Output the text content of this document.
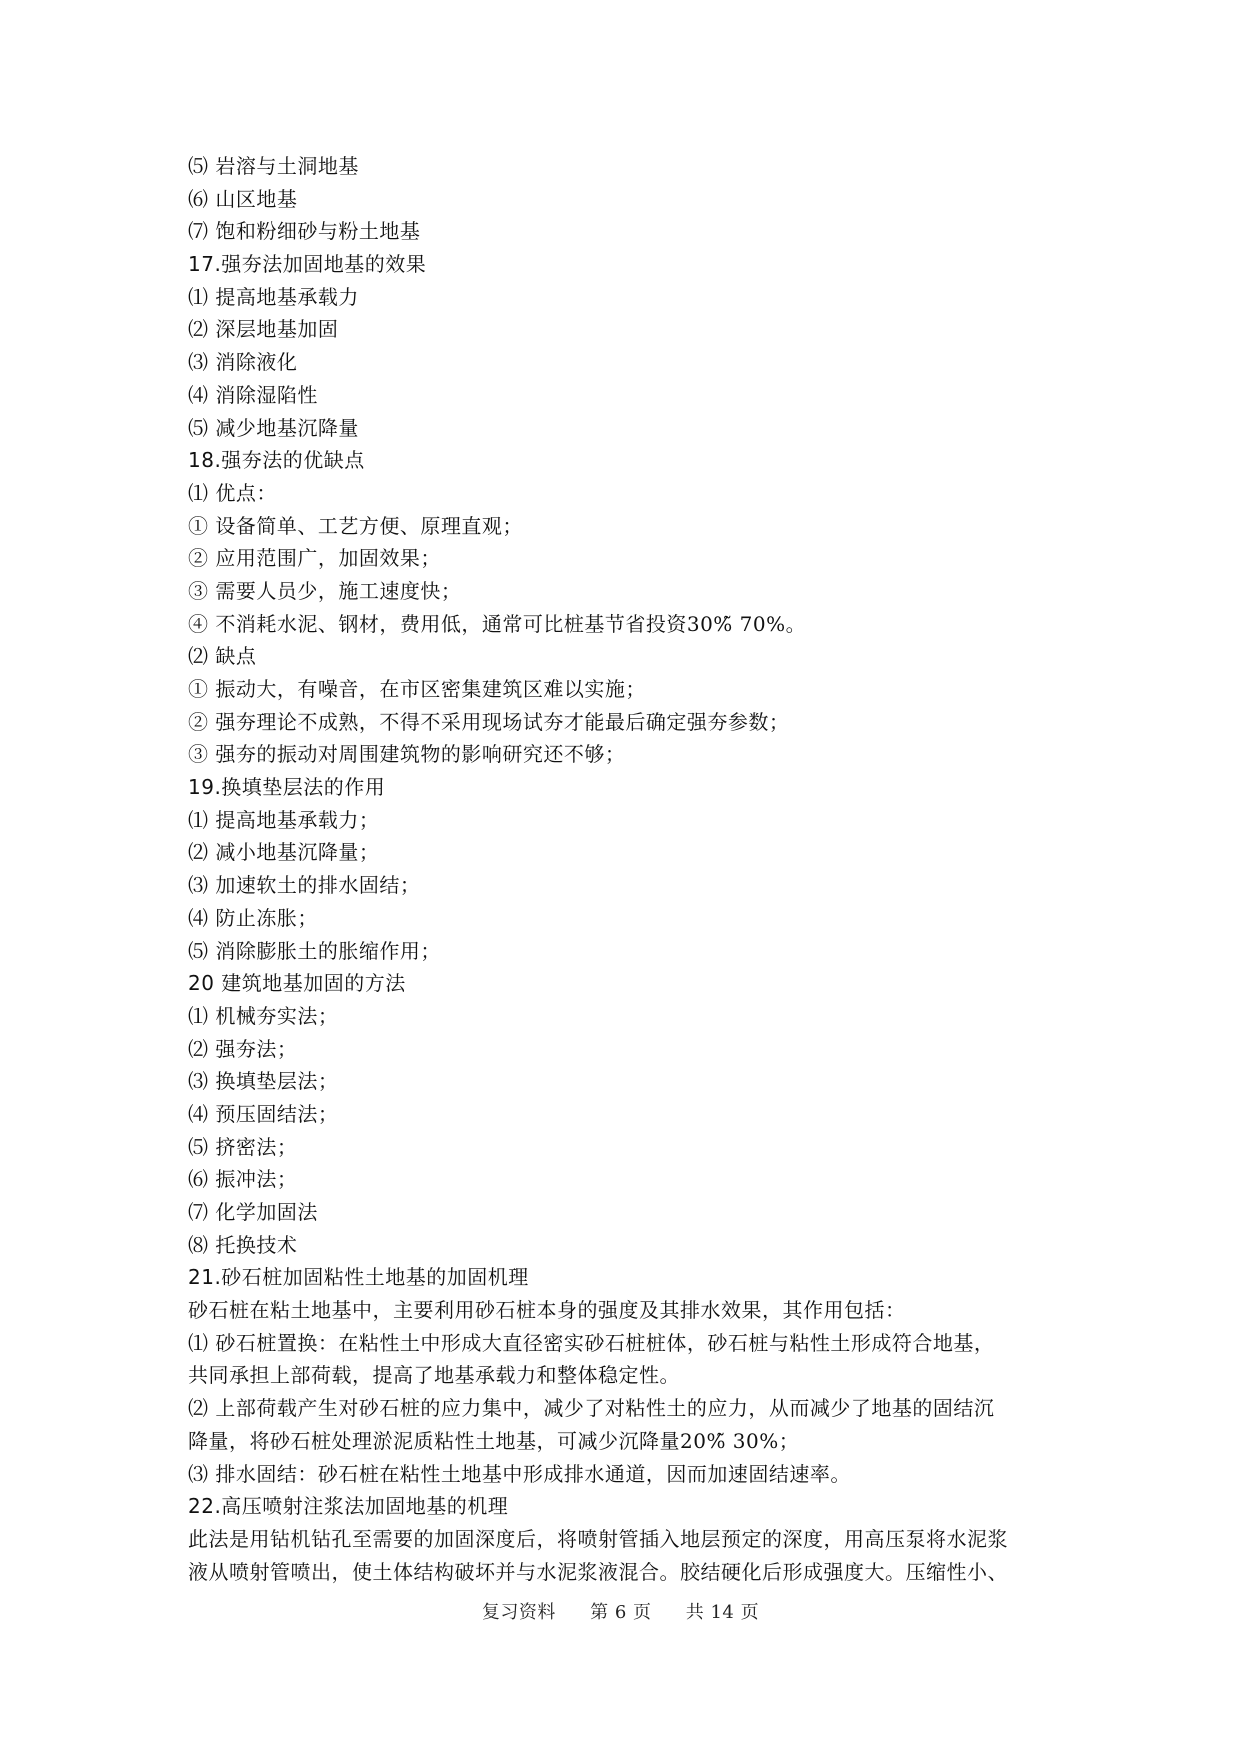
⑸ 岩溶与土洞地基
⑹ 山区地基
⑺ 饱和粉细砂与粉土地基
17.强夯法加固地基的效果
⑴ 提高地基承载力
⑵ 深层地基加固
⑶ 消除液化
⑷ 消除湿陷性
⑸ 减少地基沉降量
18.强夯法的优缺点
⑴ 优点：
① 设备简单、工艺方便、原理直观；
② 应用范围广，加固效果；
③ 需要人员少，施工速度快；
④ 不消耗水泥、钢材，费用低，通常可比桩基节省投资30%̃ 70%。
⑵ 缺点
① 振动大，有噪音，在市区密集建筑区难以实施；
② 强夯理论不成熟，不得不采用现场试夯才能最后确定强夯参数；
③ 强夯的振动对周围建筑物的影响研究还不够；
19.换填垫层法的作用
⑴ 提高地基承载力；
⑵ 减小地基沉降量；
⑶ 加速软土的排水固结；
⑷ 防止冻胀；
⑸ 消除膨胀土的胀缩作用；
20 建筑地基加固的方法
⑴ 机械夯实法；
⑵ 强夯法；
⑶ 换填垫层法；
⑷ 预压固结法；
⑸ 挤密法；
⑹ 振冲法；
⑺ 化学加固法
⑻ 托换技术
21.砂石桩加固粘性土地基的加固机理
砂石桩在粘土地基中，主要利用砂石桩本身的强度及其排水效果，其作用包括：
⑴ 砂石桩置换：在粘性土中形成大直径密实砂石桩桩体，砂石桩与粘性土形成符合地基，
共同承担上部荷载，提高了地基承载力和整体稳定性。
⑵ 上部荷载产生对砂石桩的应力集中，减少了对粘性土的应力，从而减少了地基的固结沉
降量，将砂石桩处理淤泥质粘性土地基，可减少沉降量20%̃ 30%；
⑶ 排水固结：砂石桩在粘性土地基中形成排水通道，因而加速固结速率。
22.高压喷射注浆法加固地基的机理
此法是用钻机钻孔至需要的加固深度后，将喷射管插入地层预定的深度，用高压泵将水泥浆
液从喷射管喷出，使土体结构破坏并与水泥浆液混合。胶结硬化后形成强度大。压缩性小、
复习资料 第 6 页 共 14 页
